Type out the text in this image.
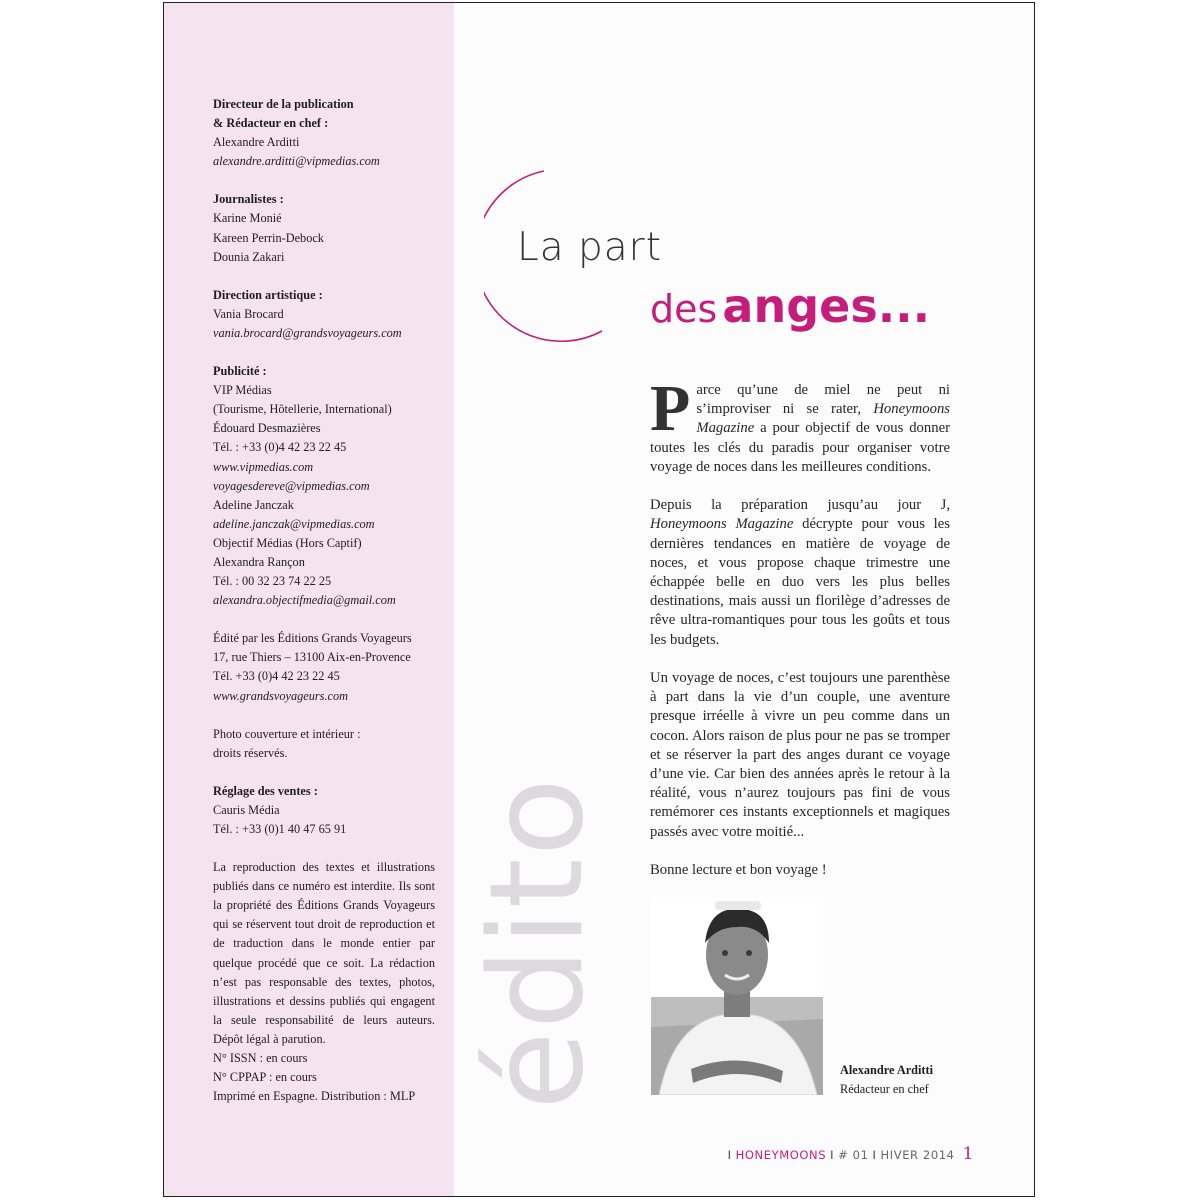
Directeur de la publication
& Rédacteur en chef :
Alexandre Arditti
alexandre.arditti@vipmedias.com
Journalistes :
Karine Monié
Kareen Perrin-Debock
Dounia Zakari
Direction artistique :
Vania Brocard
vania.brocard@grandsvoyageurs.com
Publicité :
VIP Médias
(Tourisme, Hôtellerie, International)
Édouard Desmazières
Tél. : +33 (0)4 42 23 22 45
www.vipmedias.com
voyagesdereve@vipmedias.com
Adeline Janczak
adeline.janczak@vipmedias.com
Objectif Médias (Hors Captif)
Alexandra Rançon
Tél. : 00 32 23 74 22 25
alexandra.objectifmedia@gmail.com
Édité par les Éditions Grands Voyageurs
17, rue Thiers – 13100 Aix-en-Provence
Tél. +33 (0)4 42 23 22 45
www.grandsvoyageurs.com
Photo couverture et intérieur :
droits réservés.
Réglage des ventes :
Cauris Média
Tél. : +33 (0)1 40 47 65 91
La reproduction des textes et illustrations publiés dans ce numéro est interdite. Ils sont la propriété des Éditions Grands Voyageurs qui se réservent tout droit de reproduction et de traduction dans le monde entier par quelque procédé que ce soit. La rédaction n’est pas responsable des textes, photos, illustrations et dessins publiés qui engagent la seule responsabilité de leurs auteurs. Dépôt légal à parution.
N° ISSN : en cours
N° CPPAP : en cours
Imprimé en Espagne. Distribution : MLP édito
La part
des anges...

Parce qu’une de miel ne peut ni s’improviser ni se rater, Honeymoons Magazine a pour objectif de vous donner toutes les clés du paradis pour organiser votre voyage de noces dans les meilleures conditions.

Depuis la préparation jusqu’au jour J, Honeymoons Magazine décrypte pour vous les dernières tendances en matière de voyage de noces, et vous propose chaque trimestre une échappée belle en duo vers les plus belles destinations, mais aussi un florilège d’adresses de rêve ultra-romantiques pour tous les goûts et tous les budgets.

Un voyage de noces, c’est toujours une parenthèse à part dans la vie d’un couple, une aventure presque irréelle à vivre un peu comme dans un cocon. Alors raison de plus pour ne pas se tromper et se réserver la part des anges durant ce voyage d’une vie. Car bien des années après le retour à la réalité, vous n’aurez toujours pas fini de vous remémorer ces instants exceptionnels et magiques passés avec votre moitié...

Bonne lecture et bon voyage !

Alexandre Arditti
Rédacteur en chef
I HONEYMOONS I # 01 I HIVER 2014 1
